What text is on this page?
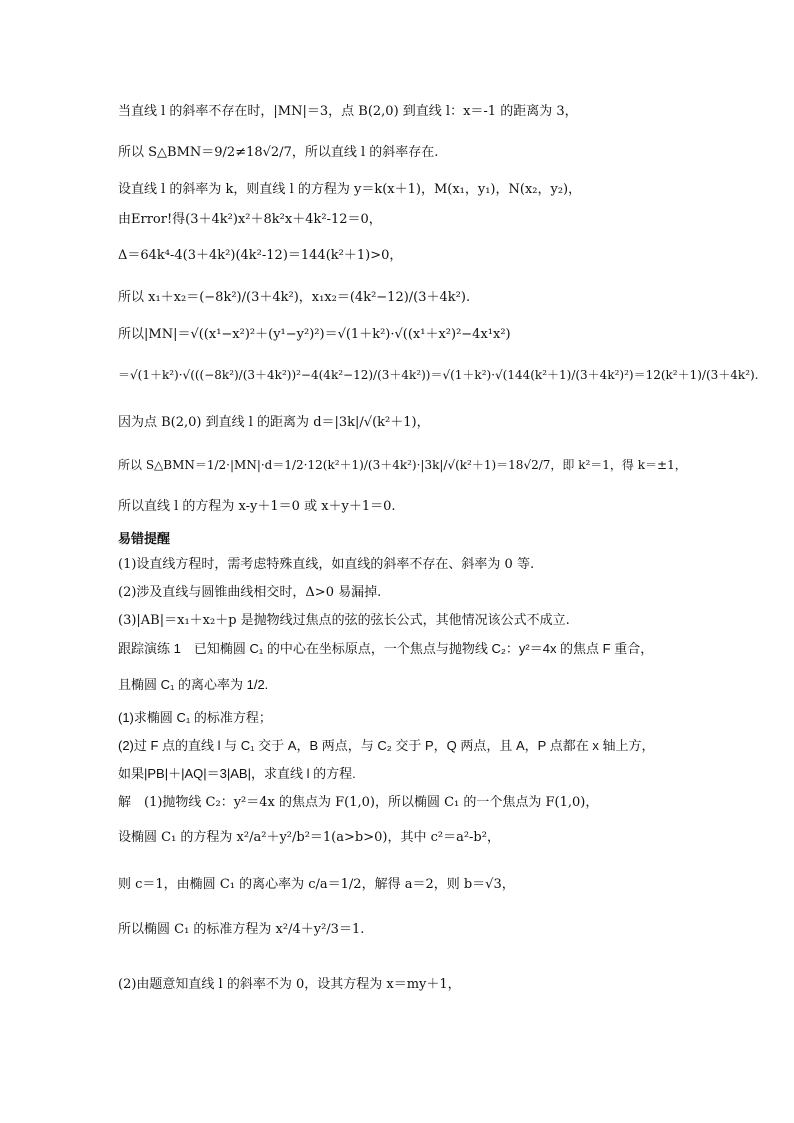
当直线 l 的斜率不存在时，|MN|＝3，点 B(2,0) 到直线 l：x＝-1 的距离为 3，
所以 S△BMN＝9/2≠18√2/7，所以直线 l 的斜率存在.
设直线 l 的斜率为 k，则直线 l 的方程为 y＝k(x＋1)，M(x₁，y₁)，N(x₂，y₂)，
由Error!得(3＋4k²)x²＋8k²x＋4k²-12＝0，
Δ＝64k⁴-4(3＋4k²)(4k²-12)＝144(k²＋1)>0，
所以 x₁＋x₂＝(−8k²)/(3＋4k²)，x₁x₂＝(4k²−12)/(3＋4k²).
所以|MN|＝√((x¹−x²)²＋(y¹−y²)²)＝√(1＋k²)·√((x¹＋x²)²−4x¹x²)
＝√(1＋k²)·√(((−8k²)/(3＋4k²))²−4(4k²−12)/(3＋4k²))＝√(1＋k²)·√(144(k²＋1)/(3＋4k²)²)＝12(k²＋1)/(3＋4k²).
因为点 B(2,0) 到直线 l 的距离为 d＝|3k|/√(k²＋1)，
所以 S△BMN＝1/2·|MN|·d＝1/2·12(k²＋1)/(3＋4k²)·|3k|/√(k²＋1)＝18√2/7，即 k²＝1，得 k＝±1，
所以直线 l 的方程为 x-y＋1＝0 或 x＋y＋1＝0.
易错提醒
(1)设直线方程时，需考虑特殊直线，如直线的斜率不存在、斜率为 0 等.
(2)涉及直线与圆锥曲线相交时，Δ>0 易漏掉.
(3)|AB|＝x₁＋x₂＋p 是抛物线过焦点的弦的弦长公式，其他情况该公式不成立.
跟踪演练 1　已知椭圆 C₁ 的中心在坐标原点，一个焦点与抛物线 C₂：y²＝4x 的焦点 F 重合，
且椭圆 C₁ 的离心率为 1/2.
(1)求椭圆 C₁ 的标准方程；
(2)过 F 点的直线 l 与 C₁ 交于 A，B 两点，与 C₂ 交于 P，Q 两点，且 A，P 点都在 x 轴上方，
如果|PB|＋|AQ|＝3|AB|，求直线 l 的方程.
解　(1)抛物线 C₂：y²＝4x 的焦点为 F(1,0)，所以椭圆 C₁ 的一个焦点为 F(1,0)，
设椭圆 C₁ 的方程为 x²/a²＋y²/b²＝1(a>b>0)，其中 c²＝a²-b²，
则 c＝1，由椭圆 C₁ 的离心率为 c/a＝1/2，解得 a＝2，则 b＝√3，
所以椭圆 C₁ 的标准方程为 x²/4＋y²/3＝1.
(2)由题意知直线 l 的斜率不为 0，设其方程为 x＝my＋1，
